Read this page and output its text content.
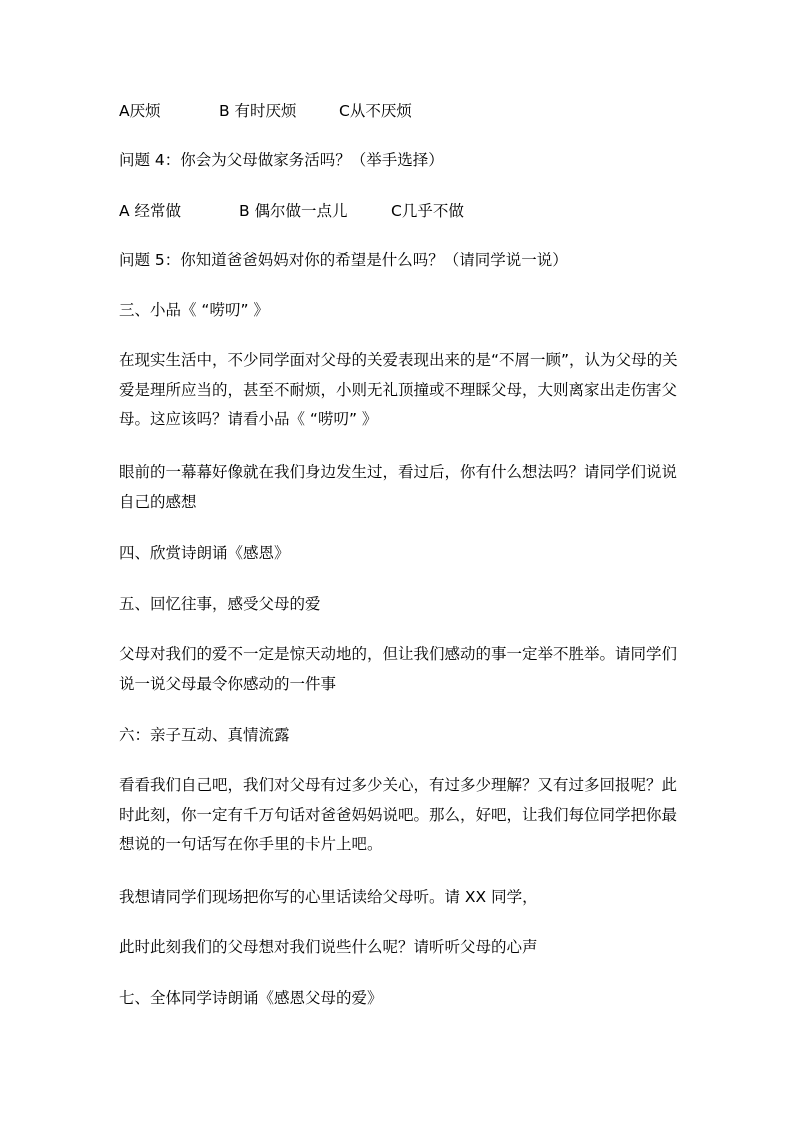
A厌烦	B 有时厌烦	C从不厌烦
问题 4：你会为父母做家务活吗？（举手选择）
A 经常做	B 偶尔做一点儿	C几乎不做
问题 5：你知道爸爸妈妈对你的希望是什么吗？（请同学说一说）
三、小品《 “唠叨” 》
在现实生活中，不少同学面对父母的关爱表现出来的是“不屑一顾”，认为父母的关爱是理所应当的，甚至不耐烦，小则无礼顶撞或不理睬父母，大则离家出走伤害父母。这应该吗？请看小品《 “唠叨” 》
眼前的一幕幕好像就在我们身边发生过，看过后，你有什么想法吗？请同学们说说自己的感想
四、欣赏诗朗诵《感恩》
五、回忆往事，感受父母的爱
父母对我们的爱不一定是惊天动地的，但让我们感动的事一定举不胜举。请同学们说一说父母最令你感动的一件事
六：亲子互动、真情流露
看看我们自己吧，我们对父母有过多少关心，有过多少理解？又有过多回报呢？此时此刻，你一定有千万句话对爸爸妈妈说吧。那么，好吧，让我们每位同学把你最想说的一句话写在你手里的卡片上吧。
我想请同学们现场把你写的心里话读给父母听。请 XX 同学，
此时此刻我们的父母想对我们说些什么呢？请听听父母的心声
七、全体同学诗朗诵《感恩父母的爱》
